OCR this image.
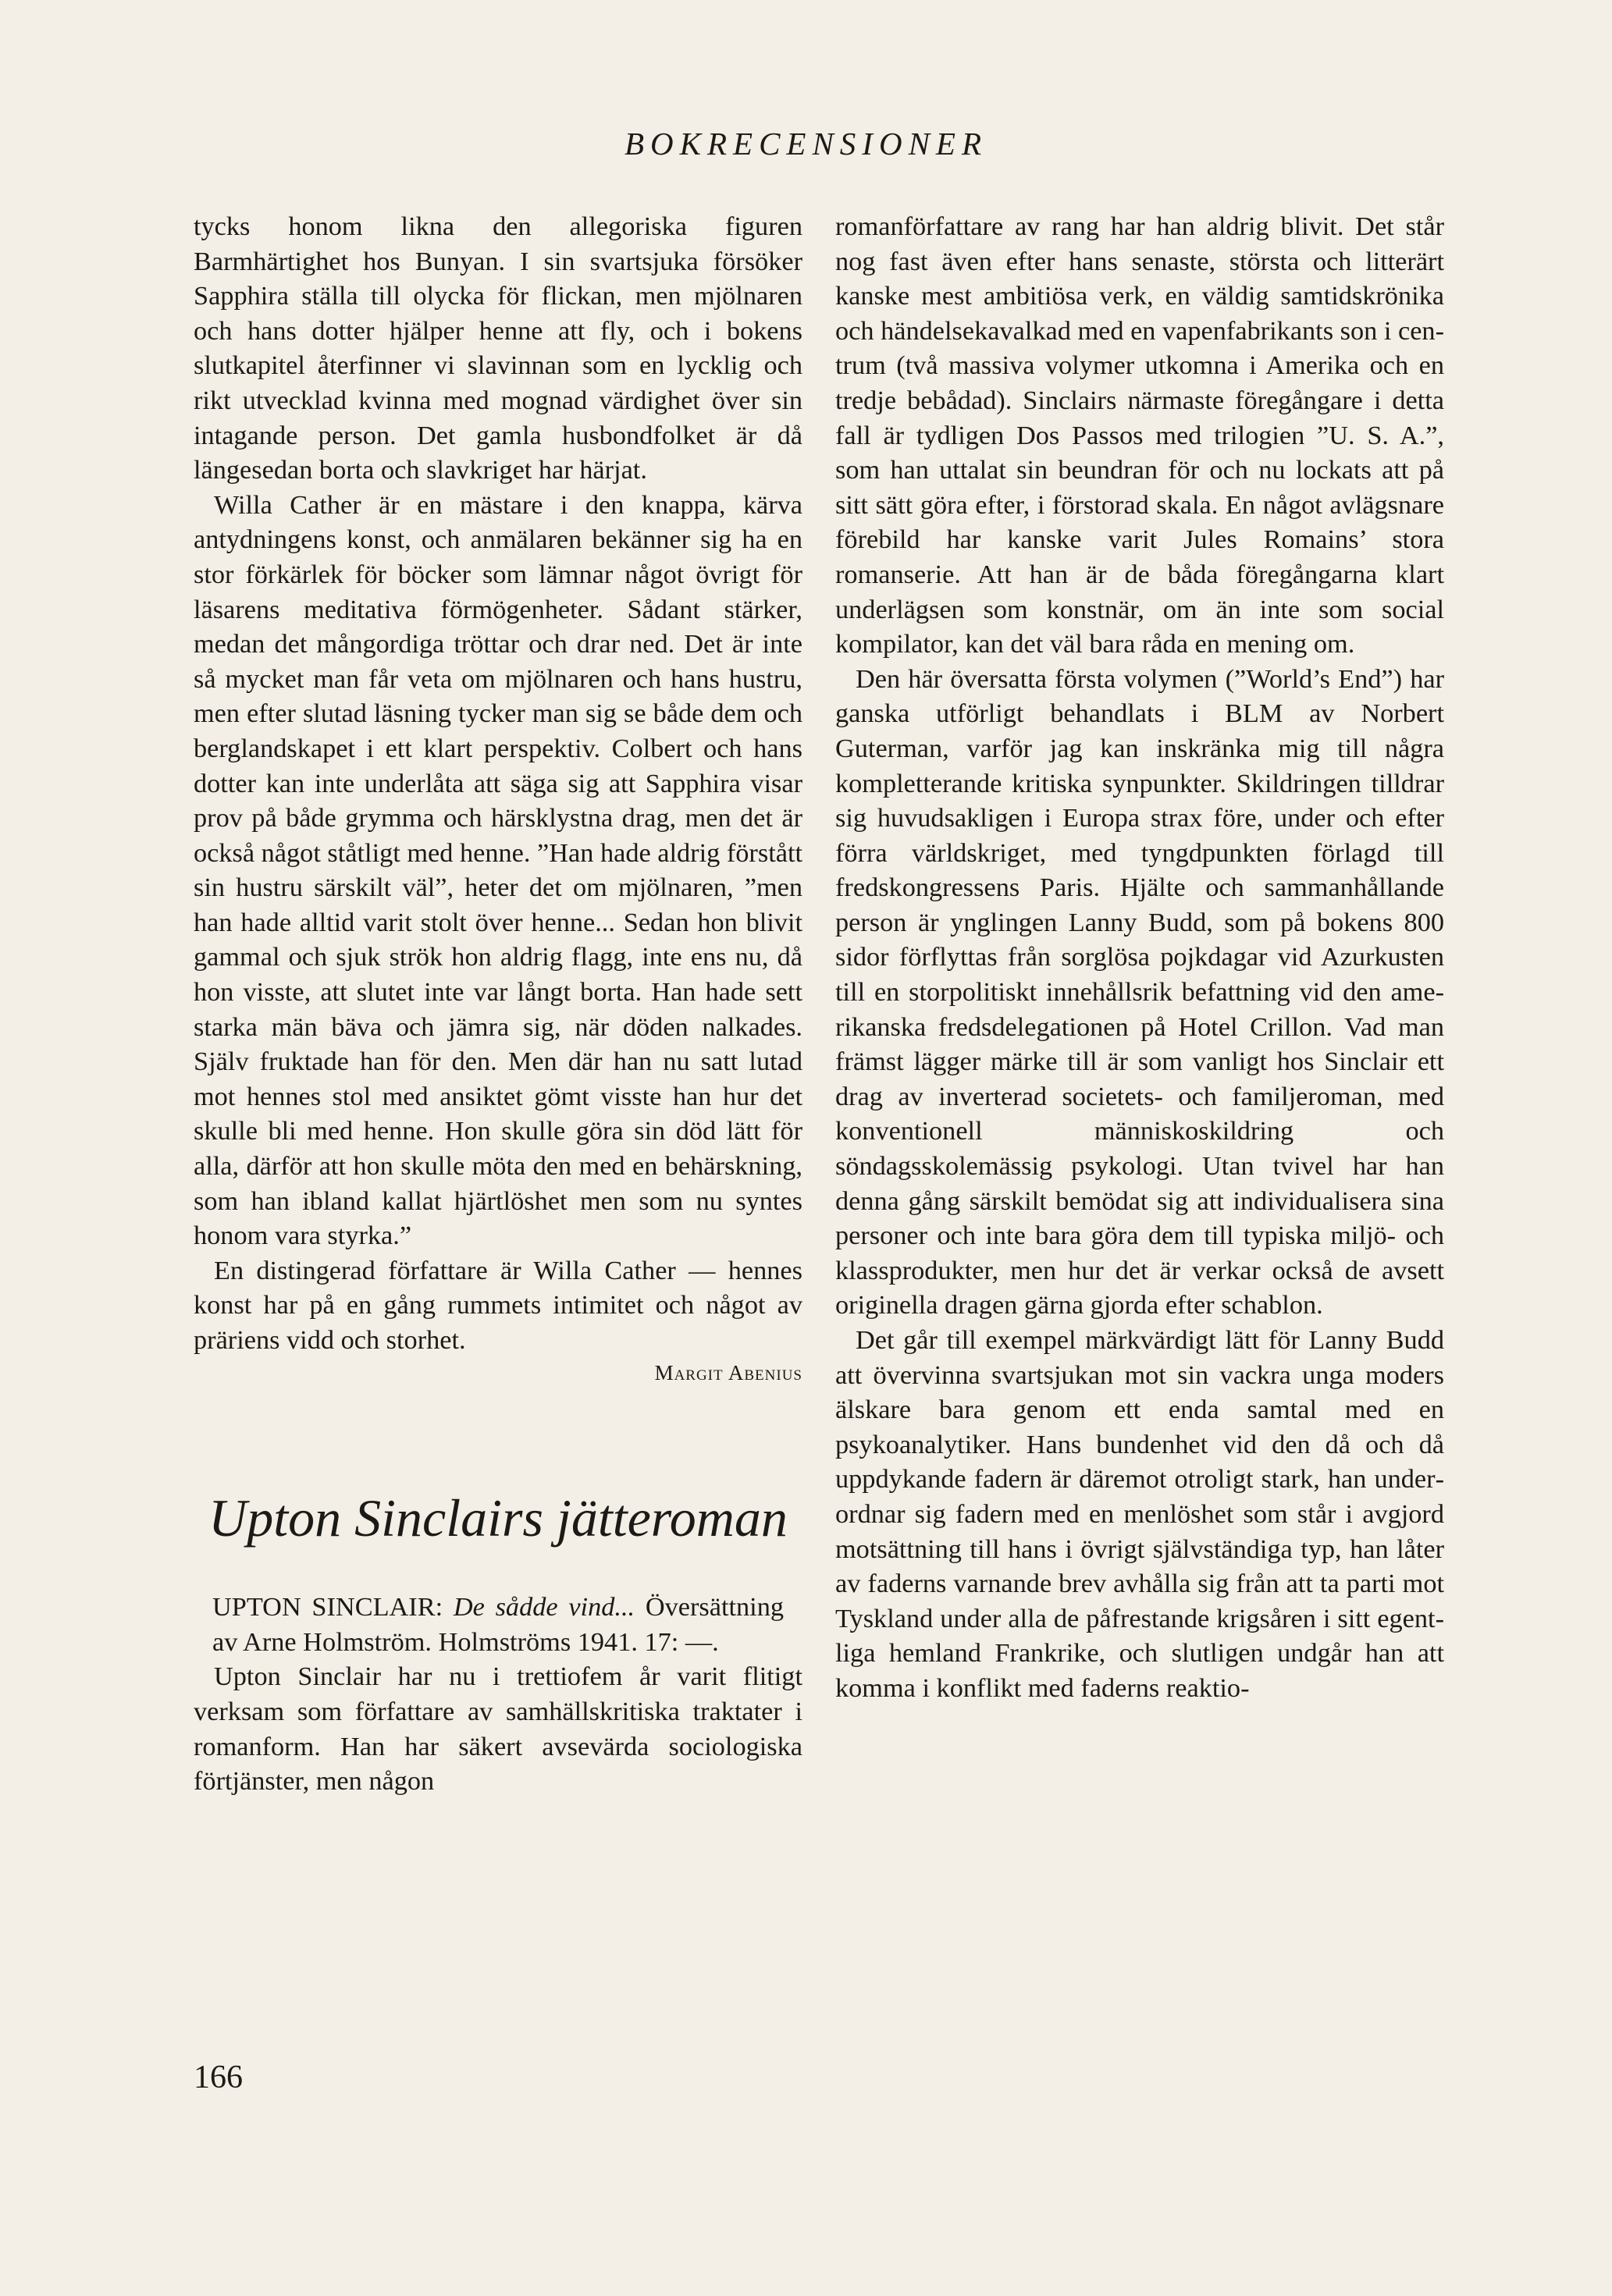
BOKRECENSIONER

tycks honom likna den allegoriska figuren Barmhärtighet hos Bunyan. I sin svartsjuka försöker Sapphira ställa till olycka för flickan, men mjölnaren och hans dotter hjälper henne att fly, och i bokens slutkapitel återfinner vi slavinnan som en lycklig och rikt utvecklad kvinna med mognad värdighet över sin intagande person. Det gamla husbondfolket är då längesedan borta och slavkriget har härjat.

Willa Cather är en mästare i den knappa, kärva antydningens konst, och anmälaren bekänner sig ha en stor förkärlek för böcker som lämnar något övrigt för läsarens meditativa förmögenheter. Sådant stärker, medan det mångordiga tröttar och drar ned. Det är inte så mycket man får veta om mjölnaren och hans hustru, men efter slutad läsning tycker man sig se både dem och berglandskapet i ett klart perspektiv. Colbert och hans dotter kan inte underlåta att säga sig att Sapphira visar prov på både grymma och härsklystna drag, men det är också något ståtligt med henne. ”Han hade aldrig förstått sin hustru särskilt väl”, heter det om mjölnaren, ”men han hade alltid varit stolt över henne... Sedan hon blivit gammal och sjuk strök hon aldrig flagg, inte ens nu, då hon visste, att slutet inte var långt borta. Han hade sett starka män bäva och jämra sig, när döden nalkades. Själv fruktade han för den. Men där han nu satt lutad mot hennes stol med ansiktet gömt visste han hur det skulle bli med henne. Hon skulle göra sin död lätt för alla, därför att hon skulle möta den med en behärskning, som han ibland kallat hjärtlöshet men som nu syntes honom vara styrka.”

En distingerad författare är Willa Cather — hennes konst har på en gång rummets intimitet och något av präriens vidd och storhet.

Margit Abenius
Upton Sinclairs jätteroman

UPTON SINCLAIR: De sådde vind... Översättning av Arne Holmström. Holmströms 1941. 17: —.

Upton Sinclair har nu i trettiofem år varit flitigt verksam som författare av samhällskritiska traktater i romanform. Han har säkert avsevärda sociologiska förtjänster, men någon

romanförfattare av rang har han aldrig blivit. Det står nog fast även efter hans senaste, största och litterärt kanske mest ambitiösa verk, en väldig samtidskrönika och händelsekavalkad med en vapenfabrikants son i centrum (två massiva volymer utkomna i Amerika och en tredje bebådad). Sinclairs närmaste föregångare i detta fall är tydligen Dos Passos med trilogien ”U. S. A.”, som han uttalat sin beundran för och nu lockats att på sitt sätt göra efter, i förstorad skala. En något avlägsnare förebild har kanske varit Jules Romains’ stora romanserie. Att han är de båda föregångarna klart underlägsen som konstnär, om än inte som social kompilator, kan det väl bara råda en mening om.

Den här översatta första volymen (”World’s End”) har ganska utförligt behandlats i BLM av Norbert Guterman, varför jag kan inskränka mig till några kompletterande kritiska synpunkter. Skildringen tilldrar sig huvudsakligen i Europa strax före, under och efter förra världskriget, med tyngdpunkten förlagd till fredskongressens Paris. Hjälte och sammanhållande person är ynglingen Lanny Budd, som på bokens 800 sidor förflyttas från sorglösa pojkdagar vid Azurkusten till en storpolitiskt innehållsrik befattning vid den amerikanska fredsdelegationen på Hotel Crillon. Vad man främst lägger märke till är som vanligt hos Sinclair ett drag av inverterad societets- och familjeroman, med konventionell människoskildring och söndagsskolemässig psykologi. Utan tvivel har han denna gång särskilt bemödat sig att individualisera sina personer och inte bara göra dem till typiska miljö- och klassprodukter, men hur det är verkar också de avsett originella dragen gärna gjorda efter schablon.

Det går till exempel märkvärdigt lätt för Lanny Budd att övervinna svartsjukan mot sin vackra unga moders älskare bara genom ett enda samtal med en psykoanalytiker. Hans bundenhet vid den då och då uppdykande fadern är däremot otroligt stark, han underordnar sig fadern med en menlöshet som står i avgjord motsättning till hans i övrigt självständiga typ, han låter av faderns varnande brev avhålla sig från att ta parti mot Tyskland under alla de påfrestande krigsåren i sitt egentliga hemland Frankrike, och slutligen undgår han att komma i konflikt med faderns reaktio-

166
